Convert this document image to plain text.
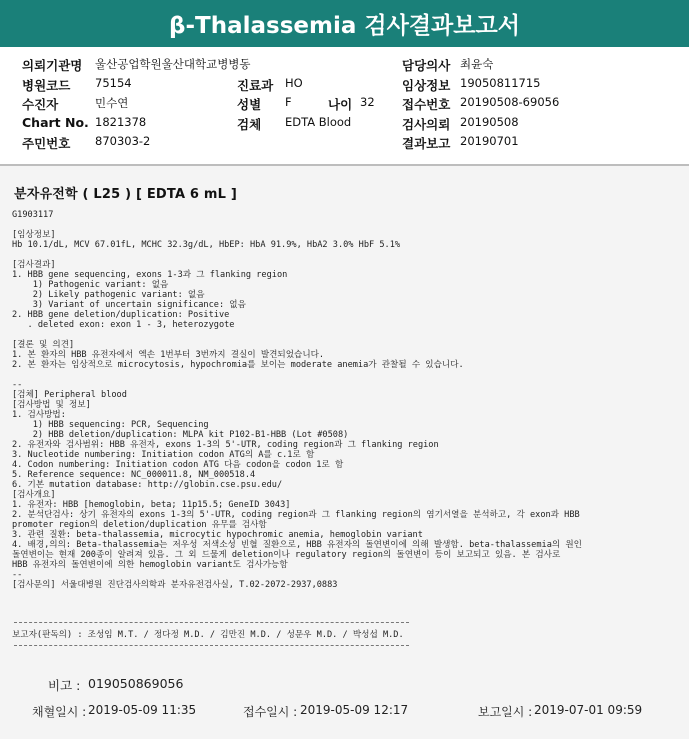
β-Thalassemia 검사결과보고서
의뢰기관명 울산공업학원울산대학교병병동	담당의사 최윤숙
병원코드 75154	진료과 HO	임상정보 19050811715
수진자	민수연	성별 F	나이 32 접수번호 20190508-69056
Chart No. 1821378	검체 EDTA Blood	검사의뢰 20190508
주민번호 870303-2	결과보고 20190701
분자유전학 ( L25 ) [ EDTA 6 mL ]
G1903117

[임상정보]
Hb 10.1/dL, MCV 67.01fL, MCHC 32.3g/dL, HbEP: HbA 91.9%, HbA2 3.0% HbF 5.1%

[검사결과]
1. HBB gene sequencing, exons 1-3과 그 flanking region
1) Pathogenic variant: 없음
2) Likely pathogenic variant: 없음
3) Variant of uncertain significance: 없음
2. HBB gene deletion/duplication: Positive
. deleted exon: exon 1 - 3, heterozygote

[결론 및 의견]
1. 본 환자의 HBB 유전자에서 엑손 1번부터 3번까지 결실이 발견되었습니다.
2. 본 환자는 임상적으로 microcytosis, hypochromia를 보이는 moderate anemia가 관찰될 수 있습니다.

--
[검체] Peripheral blood
[검사방법 및 정보]
1. 검사방법:
1) HBB sequencing: PCR, Sequencing
2) HBB deletion/duplication: MLPA kit P102-B1-HBB (Lot #0508)
2. 유전자와 검사범위: HBB 유전자, exons 1-3의 5'-UTR, coding region과 그 flanking region
3. Nucleotide numbering: Initiation codon ATG의 A를 c.1로 함
4. Codon numbering: Initiation codon ATG 다음 codon을 codon 1로 함
5. Reference sequence: NC_000011.8, NM_000518.4
6. 기본 mutation database: http://globin.cse.psu.edu/
[검사개요]
1. 유전자: HBB [hemoglobin, beta; 11p15.5; GeneID 3043]
2. 분석단검사: 상기 유전자의 exons 1-3의 5'-UTR, coding region과 그 flanking region의 염기서열을 분석하고, 각 exon과 HBB
promoter region의 deletion/duplication 유무를 검사함
3. 관련 질환: beta-thalassemia, microcytic hypochromic anemia, hemoglobin variant
4. 배경,의의: Beta-thalassemia는 저우성 저색소성 빈혈 질환으로, HBB 유전자의 돌연변이에 의해 발생함. beta-thalassemia의 원인
돌연변이는 현재 200종이 알려져 있음. 그 외 드물게 deletion이나 regulatory region의 돌연변이 등이 보고되고 있음. 본 검사로
HBB 유전자의 돌연변이에 의한 hemoglobin variant도 검사가능함
--
[검사문의] 서울대병원 진단검사의학과 분자유전검사실, T.02-2072-2937,0883
보고자(판독의) : 조성임 M.T. / 정다정 M.D. / 김만진 M.D. / 성문우 M.D. / 박성섭 M.D.
비고 : 019050869056
채혈일시 : 2019-05-09 11:35	접수일시 : 2019-05-09 12:17	보고일시 : 2019-07-01 09:59
